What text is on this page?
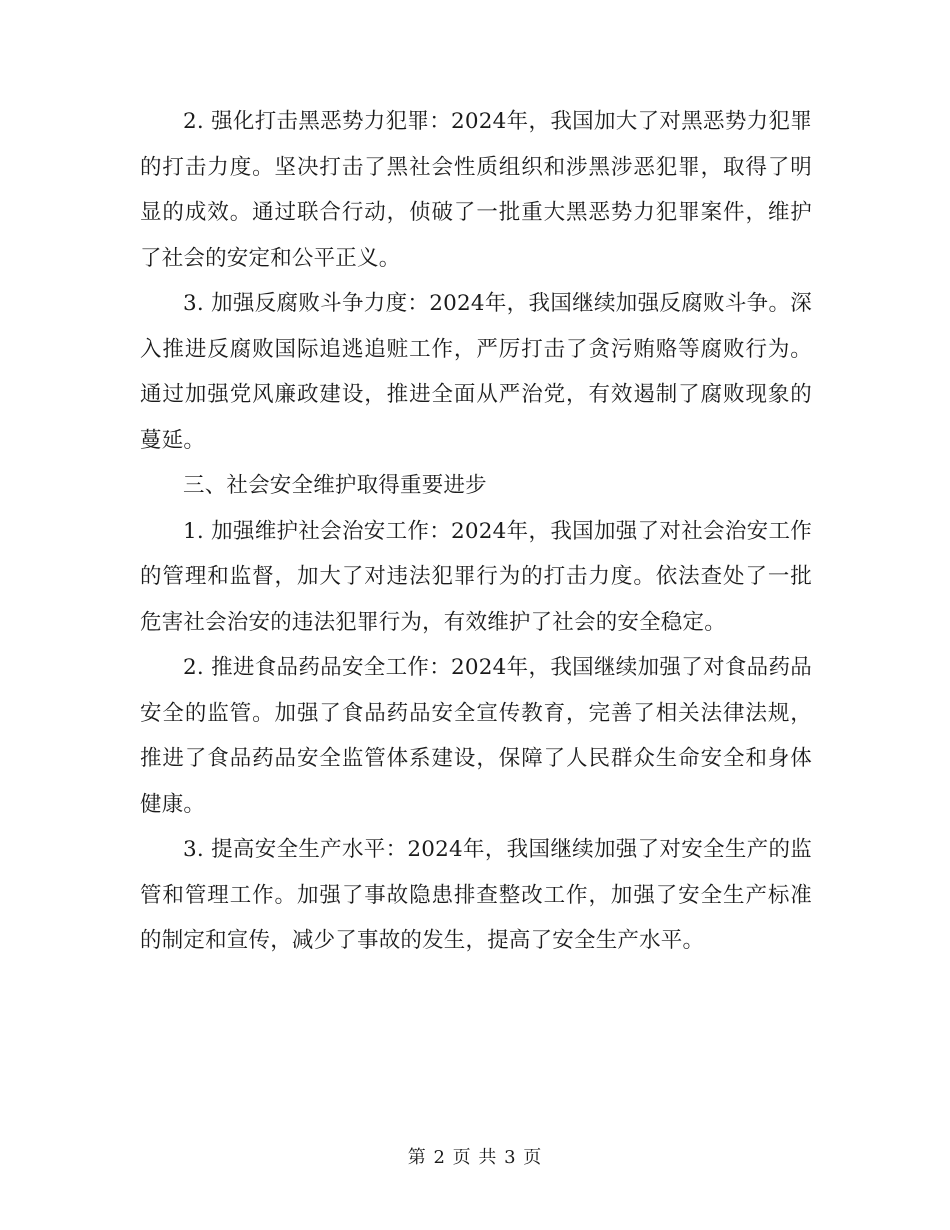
2. 强化打击黑恶势力犯罪：2024年，我国加大了对黑恶势力犯罪的打击力度。坚决打击了黑社会性质组织和涉黑涉恶犯罪，取得了明显的成效。通过联合行动，侦破了一批重大黑恶势力犯罪案件，维护了社会的安定和公平正义。

3. 加强反腐败斗争力度：2024年，我国继续加强反腐败斗争。深入推进反腐败国际追逃追赃工作，严厉打击了贪污贿赂等腐败行为。通过加强党风廉政建设，推进全面从严治党，有效遏制了腐败现象的蔓延。

三、社会安全维护取得重要进步

1. 加强维护社会治安工作：2024年，我国加强了对社会治安工作的管理和监督，加大了对违法犯罪行为的打击力度。依法查处了一批危害社会治安的违法犯罪行为，有效维护了社会的安全稳定。

2. 推进食品药品安全工作：2024年，我国继续加强了对食品药品安全的监管。加强了食品药品安全宣传教育，完善了相关法律法规，推进了食品药品安全监管体系建设，保障了人民群众生命安全和身体健康。

3. 提高安全生产水平：2024年，我国继续加强了对安全生产的监管和管理工作。加强了事故隐患排查整改工作，加强了安全生产标准的制定和宣传，减少了事故的发生，提高了安全生产水平。

第 2 页 共 3 页
